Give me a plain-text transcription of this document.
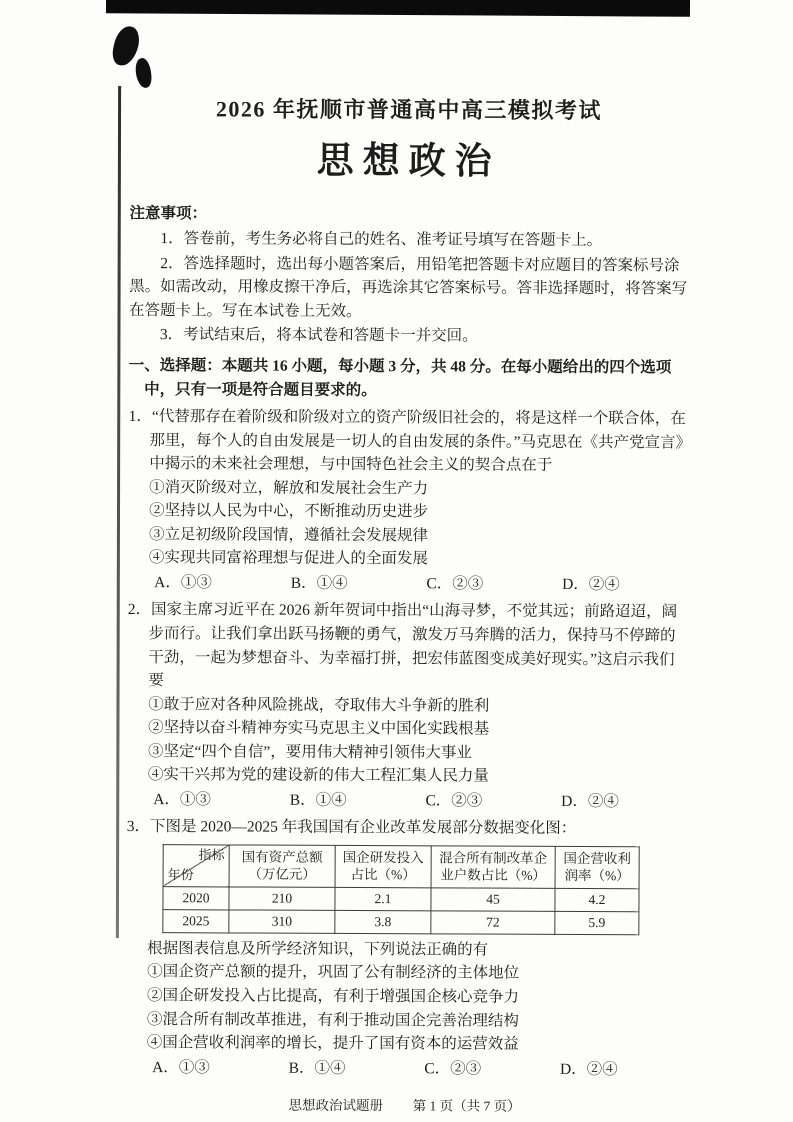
2026 年抚顺市普通高中高三模拟考试
思想政治

注意事项：

1．答卷前，考生务必将自己的姓名、准考证号填写在答题卡上。

2．答选择题时，选出每小题答案后，用铅笔把答题卡对应题目的答案标号涂黑。如需改动，用橡皮擦干净后，再选涂其它答案标号。答非选择题时，将答案写在答题卡上。写在本试卷上无效。

3．考试结束后，将本试卷和答题卡一并交回。

一、选择题：本题共 16 小题，每小题 3 分，共 48 分。在每小题给出的四个选项中，只有一项是符合题目要求的。

1．“代替那存在着阶级和阶级对立的资产阶级旧社会的，将是这样一个联合体，在那里，每个人的自由发展是一切人的自由发展的条件。”马克思在《共产党宣言》中揭示的未来社会理想，与中国特色社会主义的契合点在于

①消灭阶级对立，解放和发展社会生产力

②坚持以人民为中心，不断推动历史进步

③立足初级阶段国情，遵循社会发展规律

④实现共同富裕理想与促进人的全面发展

A．①③	B．①④	C．②③	D．②④

2．国家主席习近平在 2026 新年贺词中指出“山海寻梦，不觉其远；前路迢迢，阔步而行。让我们拿出跃马扬鞭的勇气，激发万马奔腾的活力，保持马不停蹄的干劲，一起为梦想奋斗、为幸福打拼，把宏伟蓝图变成美好现实。”这启示我们要

①敢于应对各种风险挑战，夺取伟大斗争新的胜利

②坚持以奋斗精神夯实马克思主义中国化实践根基

③坚定“四个自信”，要用伟大精神引领伟大事业

④实干兴邦为党的建设新的伟大工程汇集人民力量

A．①③	B．①④	C．②③	D．②④

3．下图是 2020—2025 年我国国有企业改革发展部分数据变化图：

指标
年份	国有资产总额（万亿元）	国企研发投入占比（%）	混合所有制改革企业户数占比（%）	国企营收利润率（%）
2020	210	2.1	45	4.2
2025	310	3.8	72	5.9

根据图表信息及所学经济知识，下列说法正确的有

①国企资产总额的提升，巩固了公有制经济的主体地位

②国企研发投入占比提高，有利于增强国企核心竞争力

③混合所有制改革推进，有利于推动国企完善治理结构

④国企营收利润率的增长，提升了国有资本的运营效益

A．①③	B．①④	C．②③	D．②④
思想政治试题册 第 1 页（共 7 页）
